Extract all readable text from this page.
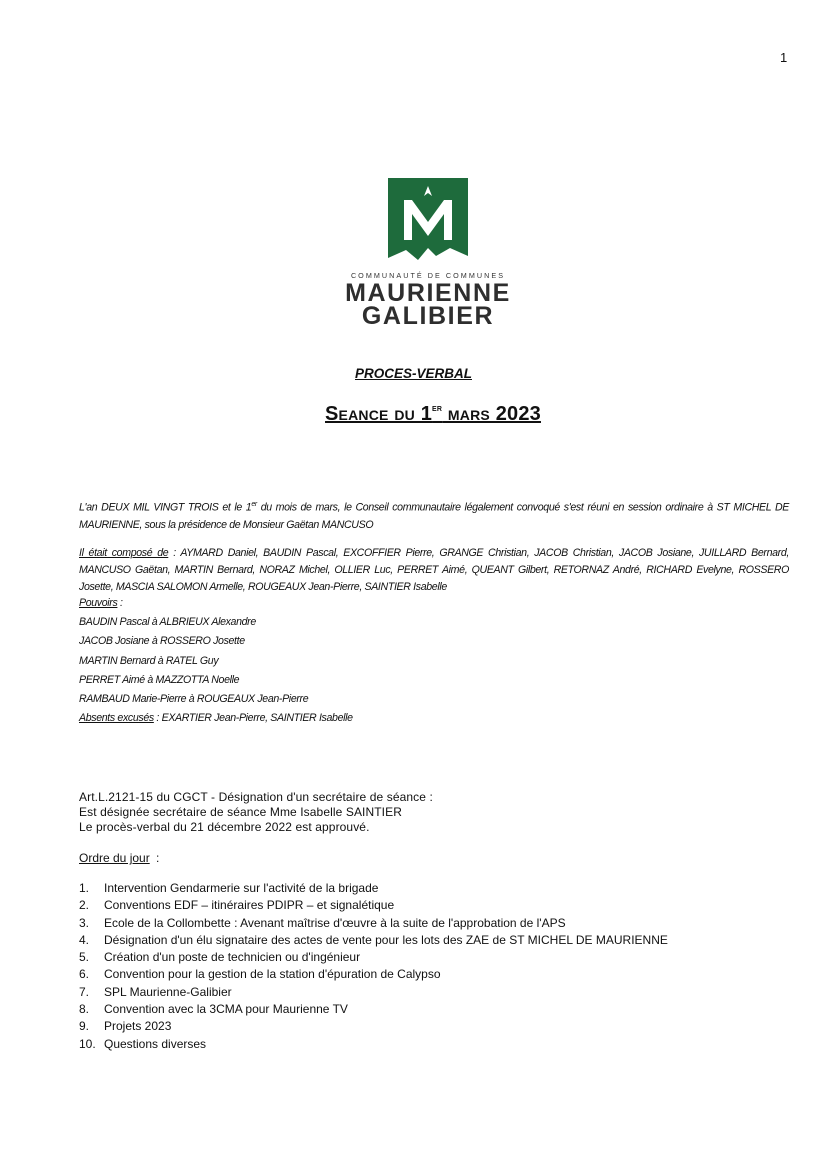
1
COMMUNAUTÉ DE COMMUNES
MAURIENNE
GALIBIER
PROCES-VERBAL
Seance du 1er mars 2023
L'an DEUX MIL VINGT TROIS et le 1er du mois de mars, le Conseil communautaire légalement convoqué s'est réuni en session ordinaire à ST MICHEL DE MAURIENNE, sous la présidence de Monsieur Gaëtan MANCUSO
Il était composé de : AYMARD Daniel, BAUDIN Pascal, EXCOFFIER Pierre, GRANGE Christian, JACOB Christian, JACOB Josiane, JUILLARD Bernard, MANCUSO Gaëtan, MARTIN Bernard, NORAZ Michel, OLLIER Luc, PERRET Aimé, QUEANT Gilbert, RETORNAZ André, RICHARD Evelyne, ROSSERO Josette, MASCIA SALOMON Armelle, ROUGEAUX Jean-Pierre, SAINTIER Isabelle
Pouvoirs :
BAUDIN Pascal à ALBRIEUX Alexandre
JACOB Josiane à ROSSERO Josette
MARTIN Bernard à RATEL Guy
PERRET Aimé à MAZZOTTA Noelle
RAMBAUD Marie-Pierre à ROUGEAUX Jean-Pierre
Absents excusés : EXARTIER Jean-Pierre, SAINTIER Isabelle
Art.L.2121-15 du CGCT - Désignation d'un secrétaire de séance :
Est désignée secrétaire de séance Mme Isabelle SAINTIER
Le procès-verbal du 21 décembre 2022 est approuvé.
Ordre du jour :
1. Intervention Gendarmerie sur l'activité de la brigade
2. Conventions EDF – itinéraires PDIPR – et signalétique
3. Ecole de la Collombette : Avenant maîtrise d'œuvre à la suite de l'approbation de l'APS
4. Désignation d'un élu signataire des actes de vente pour les lots des ZAE de ST MICHEL DE MAURIENNE
5. Création d'un poste de technicien ou d'ingénieur
6. Convention pour la gestion de la station d'épuration de Calypso
7. SPL Maurienne-Galibier
8. Convention avec la 3CMA pour Maurienne TV
9. Projets 2023
10. Questions diverses
